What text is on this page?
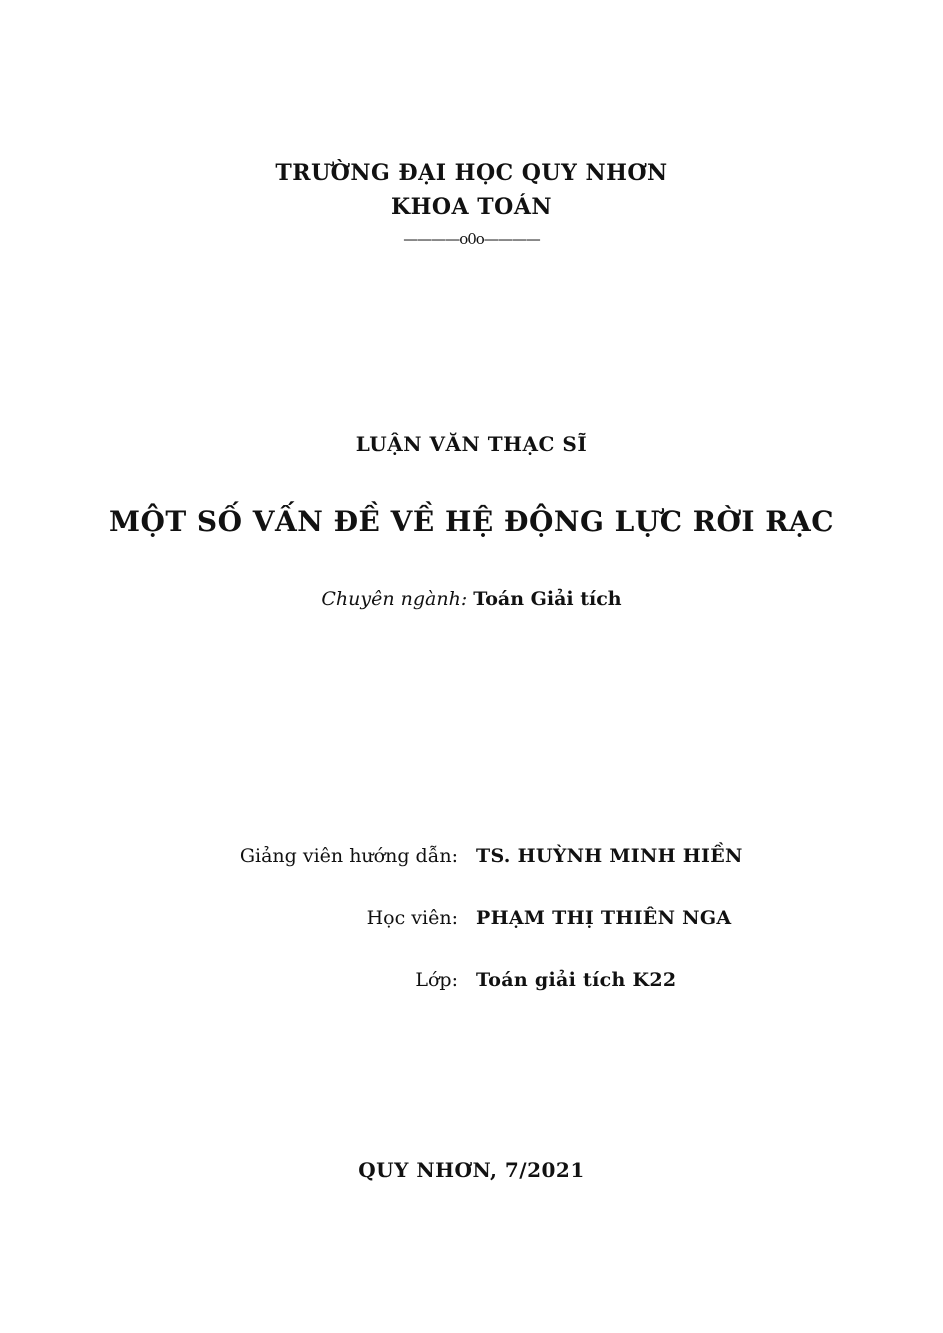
TRƯỜNG ĐẠI HỌC QUY NHƠN
KHOA TOÁN
————o0o————
LUẬN VĂN THẠC SĨ
MỘT SỐ VẤN ĐỀ VỀ HỆ ĐỘNG LỰC RỜI RẠC
Chuyên ngành: Toán Giải tích
Giảng viên hướng dẫn: TS. HUỲNH MINH HIỀN
Học viên: PHẠM THỊ THIÊN NGA
Lớp: Toán giải tích K22
QUY NHƠN, 7/2021
